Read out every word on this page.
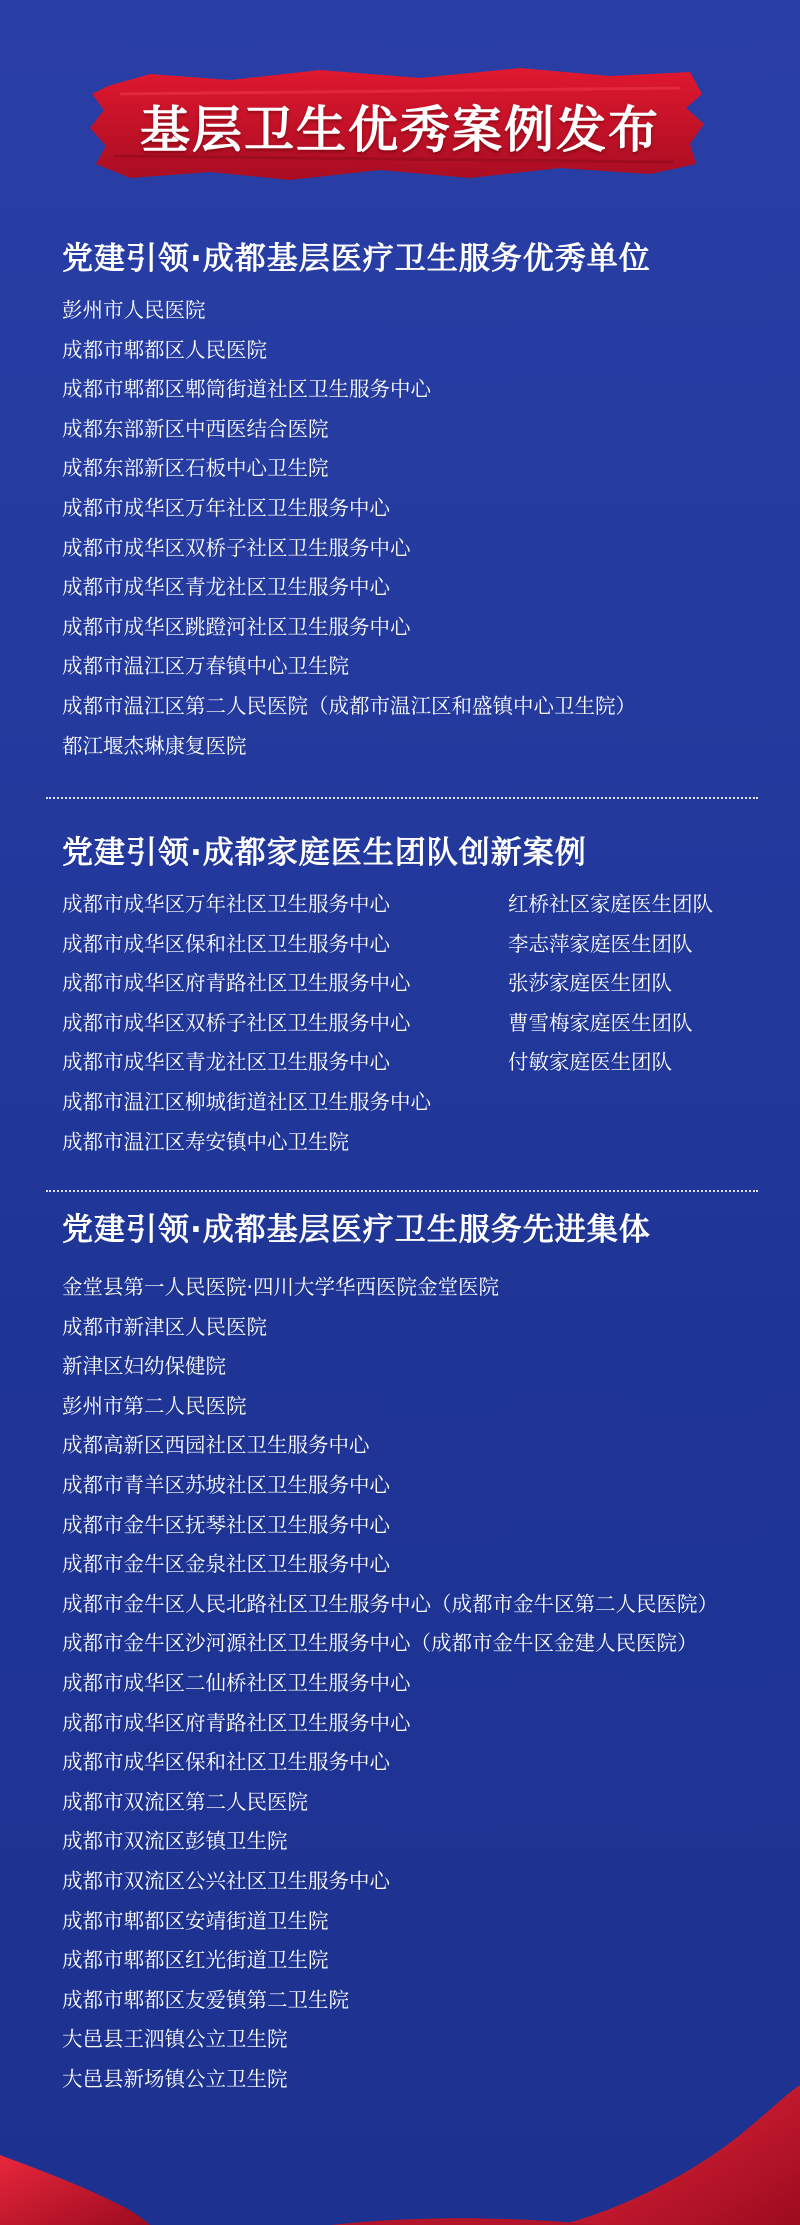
基层卫生优秀案例发布
党建引领·成都基层医疗卫生服务优秀单位
彭州市人民医院
成都市郫都区人民医院
成都市郫都区郫筒街道社区卫生服务中心
成都东部新区中西医结合医院
成都东部新区石板中心卫生院
成都市成华区万年社区卫生服务中心
成都市成华区双桥子社区卫生服务中心
成都市成华区青龙社区卫生服务中心
成都市成华区跳蹬河社区卫生服务中心
成都市温江区万春镇中心卫生院
成都市温江区第二人民医院（成都市温江区和盛镇中心卫生院）
都江堰杰琳康复医院
党建引领·成都家庭医生团队创新案例
成都市成华区万年社区卫生服务中心
成都市成华区保和社区卫生服务中心
成都市成华区府青路社区卫生服务中心
成都市成华区双桥子社区卫生服务中心
成都市成华区青龙社区卫生服务中心
成都市温江区柳城街道社区卫生服务中心
成都市温江区寿安镇中心卫生院
红桥社区家庭医生团队
李志萍家庭医生团队
张莎家庭医生团队
曹雪梅家庭医生团队
付敏家庭医生团队
党建引领·成都基层医疗卫生服务先进集体
金堂县第一人民医院·四川大学华西医院金堂医院
成都市新津区人民医院
新津区妇幼保健院
彭州市第二人民医院
成都高新区西园社区卫生服务中心
成都市青羊区苏坡社区卫生服务中心
成都市金牛区抚琴社区卫生服务中心
成都市金牛区金泉社区卫生服务中心
成都市金牛区人民北路社区卫生服务中心（成都市金牛区第二人民医院）
成都市金牛区沙河源社区卫生服务中心（成都市金牛区金建人民医院）
成都市成华区二仙桥社区卫生服务中心
成都市成华区府青路社区卫生服务中心
成都市成华区保和社区卫生服务中心
成都市双流区第二人民医院
成都市双流区彭镇卫生院
成都市双流区公兴社区卫生服务中心
成都市郫都区安靖街道卫生院
成都市郫都区红光街道卫生院
成都市郫都区友爱镇第二卫生院
大邑县王泗镇公立卫生院
大邑县新场镇公立卫生院
